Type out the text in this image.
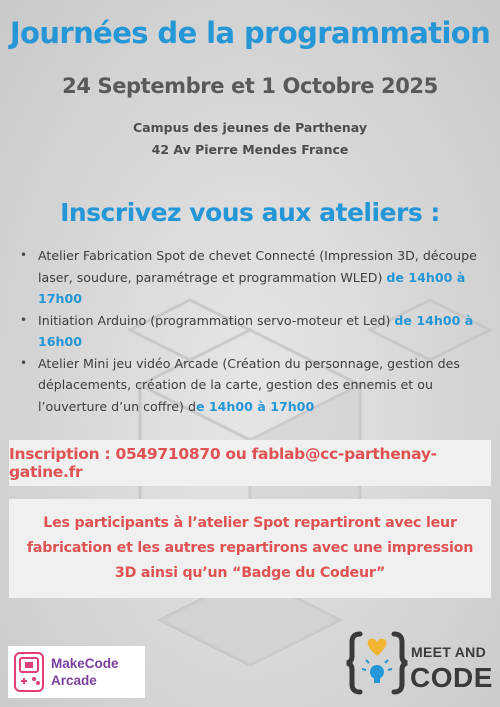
Journées de la programmation
24 Septembre et 1 Octobre 2025
Campus des jeunes de Parthenay
42 Av Pierre Mendes France
Inscrivez vous aux ateliers :
• Atelier Fabrication Spot de chevet Connecté (Impression 3D, découpe laser, soudure, paramétrage et programmation WLED) de 14h00 à 17h00
• Initiation Arduino (programmation servo-moteur et Led) de 14h00 à 16h00
• Atelier Mini jeu vidéo Arcade (Création du personnage, gestion des déplacements, création de la carte, gestion des ennemis et ou l’ouverture d’un coffre) de 14h00 à 17h00
Inscription : 0549710870 ou fablab@cc-parthenay-gatine.fr
Les participants à l’atelier Spot repartiront avec leur fabrication et les autres repartirons avec une impression 3D ainsi qu’un “Badge du Codeur”
MakeCode
Arcade
MEET AND
CODE
